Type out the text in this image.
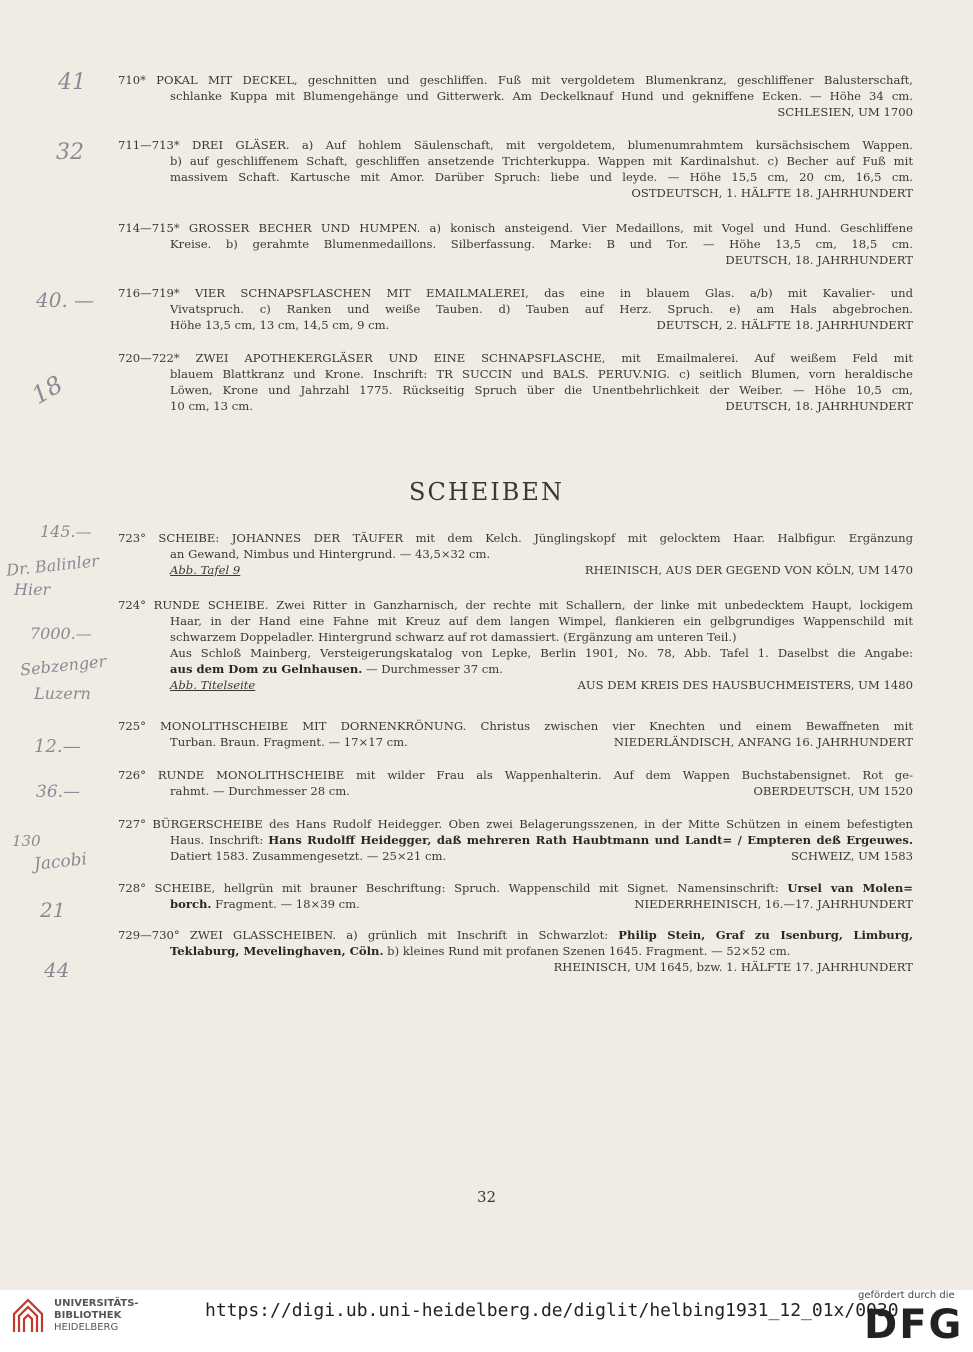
41
32
40. —
18
145.—
Dr. Balinler
Hier
7000.—
Sebzenger
Luzern
12.—
36.—
130
Jacobi
21
44
710* POKAL MIT DECKEL, geschnitten und geschliffen. Fuß mit vergoldetem Blumenkranz, geschliffener Balusterschaft,
schlanke Kuppa mit Blumengehänge und Gitterwerk. Am Deckelknauf Hund und gekniffene Ecken. — Höhe 34 cm.
SCHLESIEN, UM 1700
711—713* DREI GLÄSER. a) Auf hohlem Säulenschaft, mit vergoldetem, blumenumrahmtem kursächsischem Wappen.
b) auf geschliffenem Schaft, geschliffen ansetzende Trichterkuppa. Wappen mit Kardinalshut. c) Becher auf Fuß mit
massivem Schaft. Kartusche mit Amor. Darüber Spruch: liebe und leyde. — Höhe 15,5 cm, 20 cm, 16,5 cm.
OSTDEUTSCH, 1. HÄLFTE 18. JAHRHUNDERT
714—715* GROSSER BECHER UND HUMPEN. a) konisch ansteigend. Vier Medaillons, mit Vogel und Hund. Geschliffene
Kreise. b) gerahmte Blumenmedaillons. Silberfassung. Marke: B und Tor. — Höhe 13,5 cm, 18,5 cm.
DEUTSCH, 18. JAHRHUNDERT
716—719* VIER SCHNAPSFLASCHEN MIT EMAILMALEREI, das eine in blauem Glas. a/b) mit Kavalier- und
Vivatspruch. c) Ranken und weiße Tauben. d) Tauben auf Herz. Spruch. e) am Hals abgebrochen.
Höhe 13,5 cm, 13 cm, 14,5 cm, 9 cm.	DEUTSCH, 2. HÄLFTE 18. JAHRHUNDERT
720—722* ZWEI APOTHEKERGLÄSER UND EINE SCHNAPSFLASCHE, mit Emailmalerei. Auf weißem Feld mit
blauem Blattkranz und Krone. Inschrift: TR SUCCIN und BALS. PERUV.NIG. c) seitlich Blumen, vorn heraldische
Löwen, Krone und Jahrzahl 1775. Rückseitig Spruch über die Unentbehrlichkeit der Weiber. — Höhe 10,5 cm,
10 cm, 13 cm.	DEUTSCH, 18. JAHRHUNDERT
SCHEIBEN
723° SCHEIBE: JOHANNES DER TÄUFER mit dem Kelch. Jünglingskopf mit gelocktem Haar. Halbfigur. Ergänzung
an Gewand, Nimbus und Hintergrund. — 43,5×32 cm.
Abb. Tafel 9	RHEINISCH, AUS DER GEGEND VON KÖLN, UM 1470
724° RUNDE SCHEIBE. Zwei Ritter in Ganzharnisch, der rechte mit Schallern, der linke mit unbedecktem Haupt, lockigem
Haar, in der Hand eine Fahne mit Kreuz auf dem langen Wimpel, flankieren ein gelbgrundiges Wappenschild mit
schwarzem Doppeladler. Hintergrund schwarz auf rot damassiert. (Ergänzung am unteren Teil.)
Aus Schloß Mainberg, Versteigerungskatalog von Lepke, Berlin 1901, No. 78, Abb. Tafel 1. Daselbst die Angabe:
aus dem Dom zu Gelnhausen. — Durchmesser 37 cm.
Abb. Titelseite	AUS DEM KREIS DES HAUSBUCHMEISTERS, UM 1480
725° MONOLITHSCHEIBE MIT DORNENKRÖNUNG. Christus zwischen vier Knechten und einem Bewaffneten mit
Turban. Braun. Fragment. — 17×17 cm.	NIEDERLÄNDISCH, ANFANG 16. JAHRHUNDERT
726° RUNDE MONOLITHSCHEIBE mit wilder Frau als Wappenhalterin. Auf dem Wappen Buchstabensignet. Rot ge-
rahmt. — Durchmesser 28 cm.	OBERDEUTSCH, UM 1520
727° BÜRGERSCHEIBE des Hans Rudolf Heidegger. Oben zwei Belagerungsszenen, in der Mitte Schützen in einem befestigten
Haus. Inschrift: Hans Rudolff Heidegger, daß mehreren Rath Haubtmann und Landt= / Empteren deß Ergeuwes.
Datiert 1583. Zusammengesetzt. — 25×21 cm.	SCHWEIZ, UM 1583
728° SCHEIBE, hellgrün mit brauner Beschriftung: Spruch. Wappenschild mit Signet. Namensinschrift: Ursel van Molen=
borch. Fragment. — 18×39 cm.	NIEDERRHEINISCH, 16.—17. JAHRHUNDERT
729—730° ZWEI GLASSCHEIBEN. a) grünlich mit Inschrift in Schwarzlot: Philip Stein, Graf zu Isenburg, Limburg,
Teklaburg, Mevelinghaven, Cöln. b) kleines Rund mit profanen Szenen 1645. Fragment. — 52×52 cm.
RHEINISCH, UM 1645, bzw. 1. HÄLFTE 17. JAHRHUNDERT
32
UNIVERSITÄTS-
BIBLIOTHEK
HEIDELBERG
https://digi.ub.uni-heidelberg.de/diglit/helbing1931_12_01x/0030
gefördert durch die
DFG
